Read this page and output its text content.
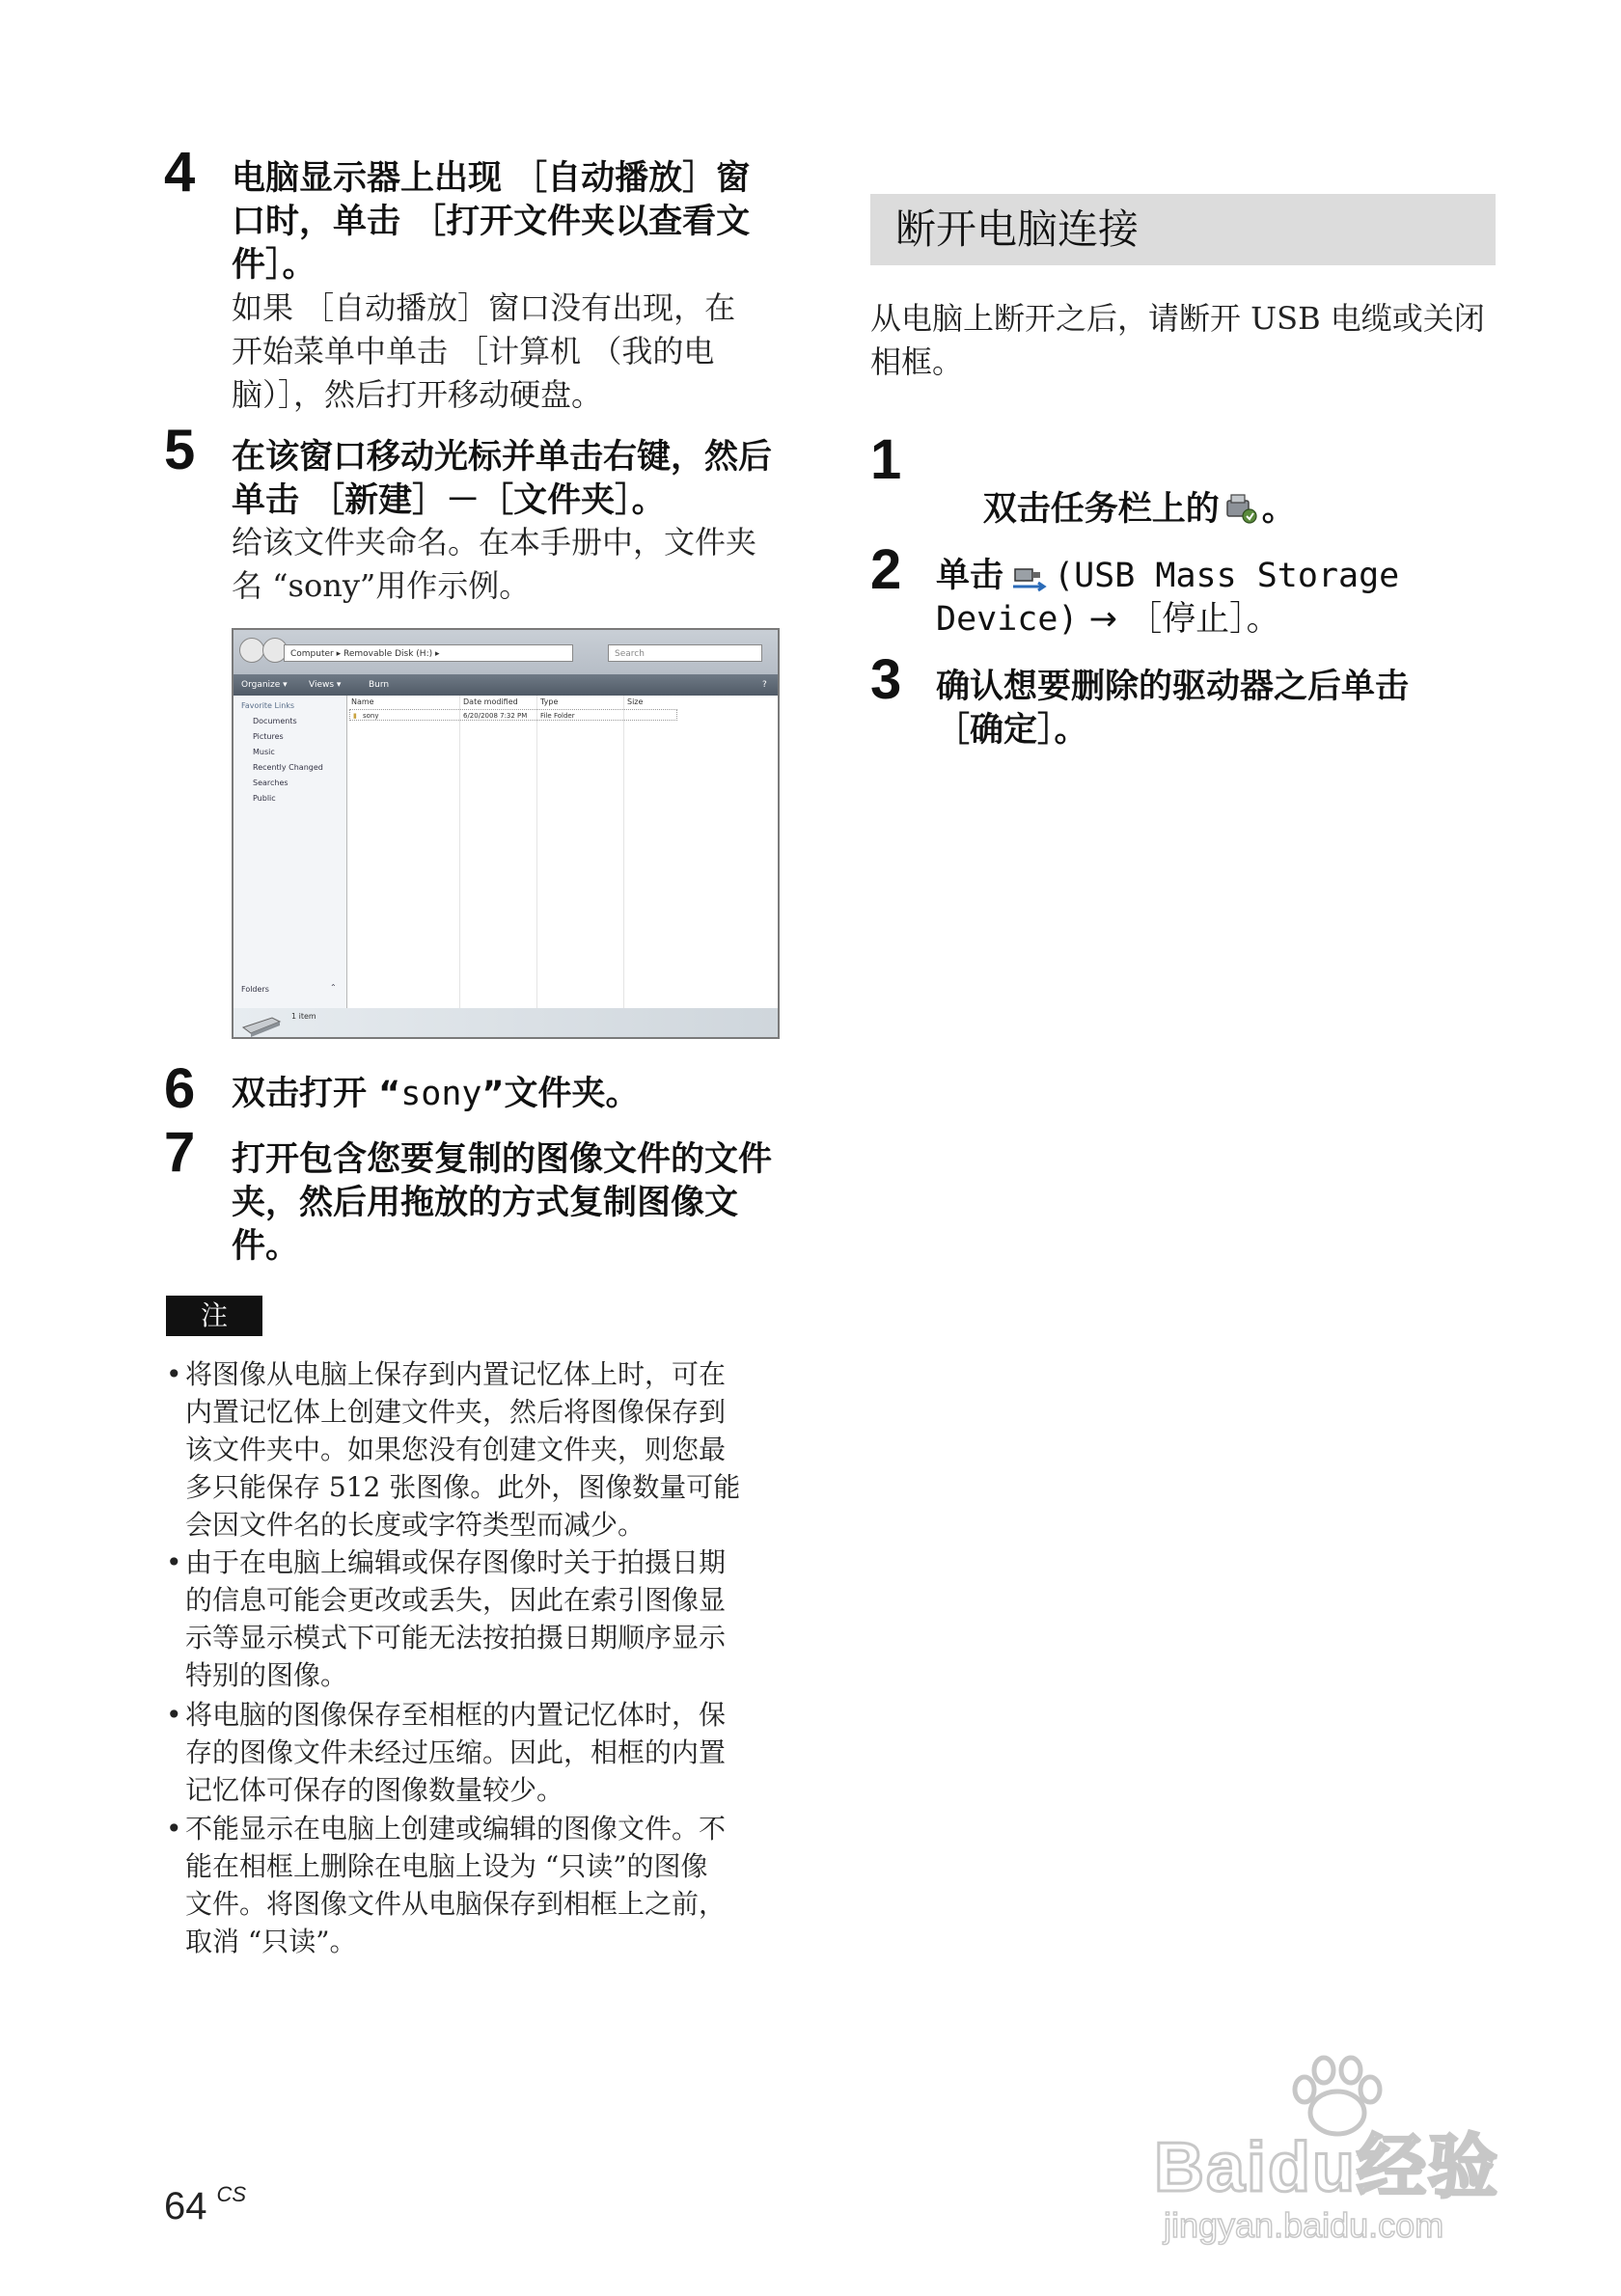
4 电脑显示器上出现 ［自动播放］窗
口时，单击 ［打开文件夹以查看文
件］。
如果 ［自动播放］窗口没有出现，在
开始菜单中单击 ［计算机 （我的电
脑）］，然后打开移动硬盘。
5 在该窗口移动光标并单击右键，然后
单击 ［新建］－［文件夹］。
给该文件夹命名。在本手册中，文件夹
名 “sony”用作示例。
Computer ▸ Removable Disk (H:) ▸	Search
Organize ▾ Views ▾	Burn	?
Favorite Links
Documents
Pictures
Music
Recently Changed
Searches
Public
Folders	⌃
Name	Date modified	Type	Size
▮ sony	6/20/2008 7:32 PM File Folder
1 item
6 双击打开 “sony”文件夹。
7 打开包含您要复制的图像文件的文件
夹，然后用拖放的方式复制图像文
件。
注
• 将图像从电脑上保存到内置记忆体上时，可在
内置记忆体上创建文件夹，然后将图像保存到
该文件夹中。如果您没有创建文件夹，则您最
多只能保存 512 张图像。此外，图像数量可能
会因文件名的长度或字符类型而减少。
• 由于在电脑上编辑或保存图像时关于拍摄日期
的信息可能会更改或丢失，因此在索引图像显
示等显示模式下可能无法按拍摄日期顺序显示
特别的图像。
• 将电脑的图像保存至相框的内置记忆体时，保
存的图像文件未经过压缩。因此，相框的内置
记忆体可保存的图像数量较少。
• 不能显示在电脑上创建或编辑的图像文件。不
能在相框上删除在电脑上设为 “只读”的图像
文件。将图像文件从电脑保存到相框上之前，
取消 “只读”。
断开电脑连接
从电脑上断开之后，请断开 USB 电缆或关闭
相框。
1

双击任务栏上的 。

2 单击 (USB Mass Storage
Device) → ［停止］。
3 确认想要删除的驱动器之后单击
［确定］。
64 $^{CS}$	Baidu经验
jingyan.baidu.com
